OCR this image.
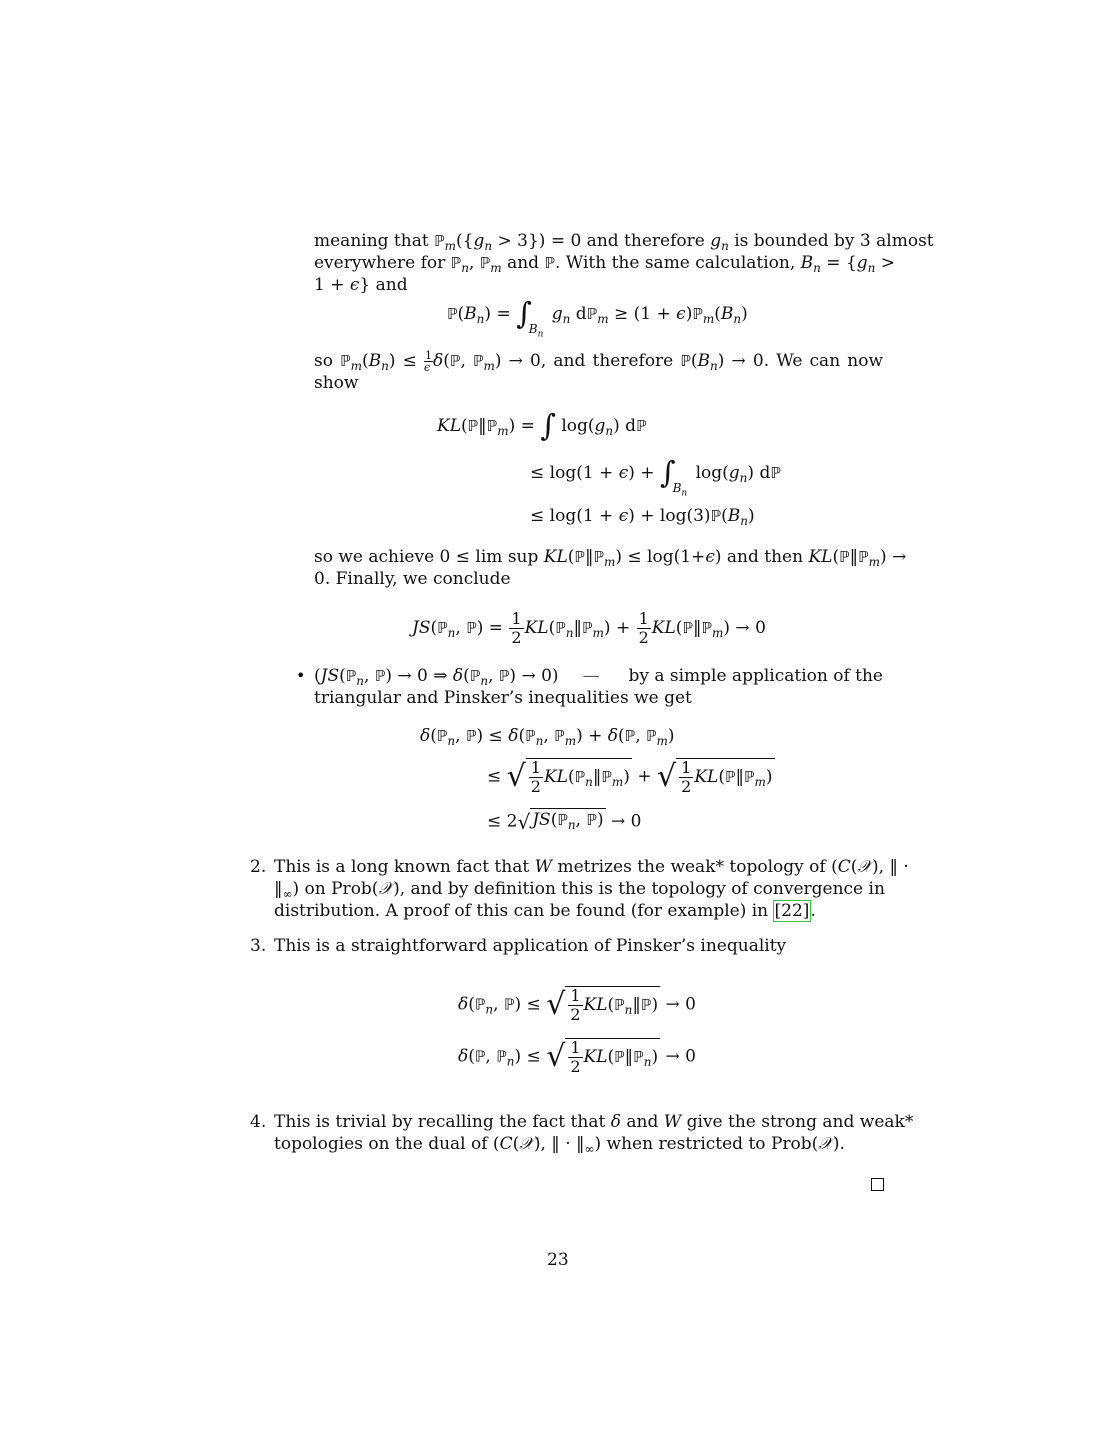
meaning that $ℙ_m(\{g_n > 3\}) = 0$ and therefore $g_n$ is bounded by 3 almost
everywhere for ℙ$_n$, ℙ$_m$ and ℙ. With the same calculation, $B_n = \{g_n$ >
1 + ϵ} and
$ℙ(B_n) = \int_{B_n}$ $g_n$ dℙ$_m$ ≥ $(1 + \epsilon)ℙ_m(B_n)$
so $ℙ_m(B_n) \le \frac{1}{\epsilon}$ δ(ℙ, ℙ$_m$) → 0, and therefore $ℙ(B_n) \to 0$. We can now
show
KL(ℙ‖ℙ$_m$) = ∫ $\log(g_n)$ dℙ
≤ $\log(1 + \epsilon) + \int_{B_n}$ $\log(g_n)$ dℙ
≤ $\log(1 + \epsilon) + \log(3)ℙ(B_n)$
so we achieve 0 ≤ lim sup KL(ℙ‖ℙ$_m$) ≤ log(1+ϵ) and then KL(ℙ‖ℙ$_m$) →
0. Finally, we conclude
JS(ℙ$_n$, ℙ) = $\frac{1}{2}$ KL(ℙ$_n$‖ℙ$_m$) + $\frac{1}{2}$ KL(ℙ‖ℙ$_m$) → 0
• (JS(ℙ$_n$, ℙ) → 0 ⇒ δ(ℙ$_n$, ℙ) → 0) — by a simple application of the
triangular and Pinsker’s inequalities we get
δ(ℙ$_n$, ℙ) ≤ δ(ℙ$_n$, ℙ$_m$) + δ(ℙ, ℙ$_m$)
≤ √ $\frac{1}{2}$ KL(ℙ$_n$‖ℙ$_m$) + √ $\frac{1}{2}$ KL(ℙ‖ℙ$_m$)
≤ 2√ JS(ℙ$_n$, ℙ) → 0
2. This is a long known fact that W metrizes the weak* topology of (C(𝒳), ‖ ·
$‖_\infty$) on Prob(𝒳), and by definition this is the topology of convergence in
distribution. A proof of this can be found (for example) in [22].
3. This is a straightforward application of Pinsker’s inequality
δ(ℙ$_n$, ℙ) ≤ √ $\frac{1}{2}$ KL(ℙ$_n$‖ℙ) → 0
δ(ℙ, ℙ$_n$) ≤ √ $\frac{1}{2}$ KL(ℙ‖ℙ$_n$) → 0
4. This is trivial by recalling the fact that δ and W give the strong and weak*
topologies on the dual of (C(𝒳), ‖ · $‖_\infty$) when restricted to Prob(𝒳).
23
